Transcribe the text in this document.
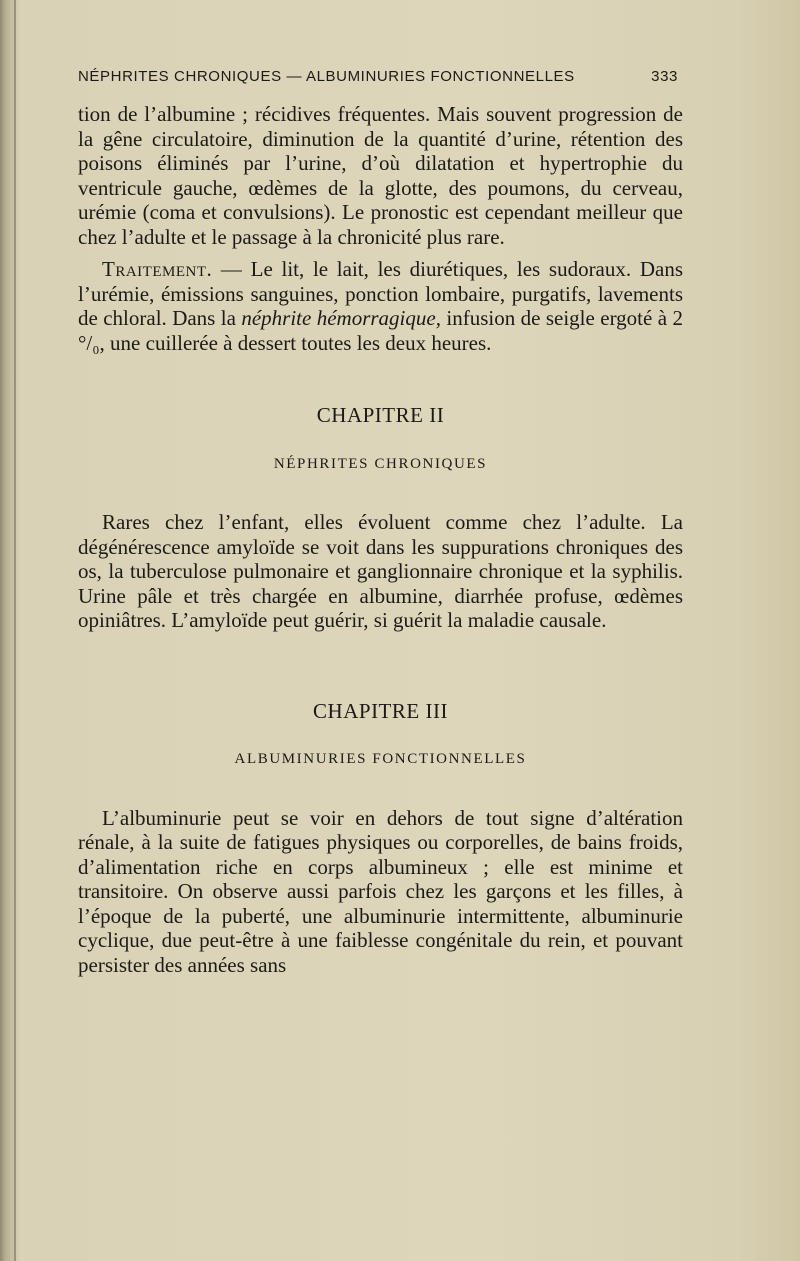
NÉPHRITES CHRONIQUES — ALBUMINURIES FONCTIONNELLES	333

tion de l’albumine ; récidives fréquentes. Mais souvent progression de la gêne circulatoire, diminution de la quantité d’urine, rétention des poisons éliminés par l’urine, d’où dilatation et hypertrophie du ventricule gauche, œdèmes de la glotte, des poumons, du cerveau, urémie (coma et convulsions). Le pronostic est cependant meilleur que chez l’adulte et le passage à la chronicité plus rare.

Traitement. — Le lit, le lait, les diurétiques, les sudoraux. Dans l’urémie, émissions sanguines, ponction lombaire, purgatifs, lavements de chloral. Dans la néphrite hémorragique, infusion de seigle ergoté à 2 °/₀, une cuillerée à dessert toutes les deux heures.

CHAPITRE II

NÉPHRITES CHRONIQUES

Rares chez l’enfant, elles évoluent comme chez l’adulte. La dégénérescence amyloïde se voit dans les suppurations chroniques des os, la tuberculose pulmonaire et ganglionnaire chronique et la syphilis. Urine pâle et très chargée en albumine, diarrhée profuse, œdèmes opiniâtres. L’amyloïde peut guérir, si guérit la maladie causale.

CHAPITRE III

ALBUMINURIES FONCTIONNELLES

L’albuminurie peut se voir en dehors de tout signe d’altération rénale, à la suite de fatigues physiques ou corporelles, de bains froids, d’alimentation riche en corps albumineux ; elle est minime et transitoire. On observe aussi parfois chez les garçons et les filles, à l’époque de la puberté, une albuminurie intermittente, albuminurie cyclique, due peut-être à une faiblesse congénitale du rein, et pouvant persister des années sans
